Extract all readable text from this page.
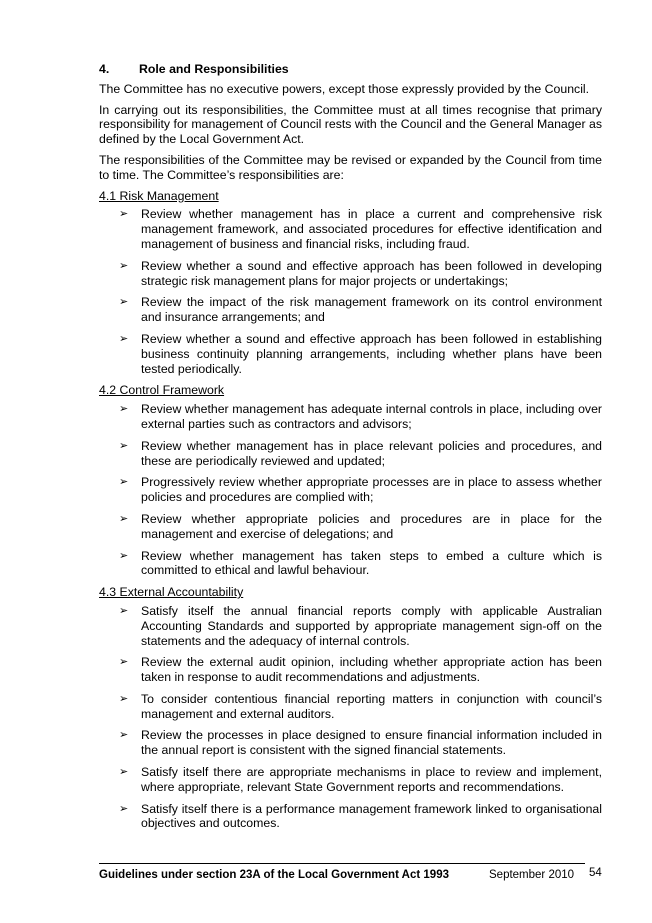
4. Role and Responsibilities

The Committee has no executive powers, except those expressly provided by the Council.

In carrying out its responsibilities, the Committee must at all times recognise that primary responsibility for management of Council rests with the Council and the General Manager as defined by the Local Government Act.

The responsibilities of the Committee may be revised or expanded by the Council from time to time. The Committee’s responsibilities are:

4.1 Risk Management
➢ Review whether management has in place a current and comprehensive risk management framework, and associated procedures for effective identification and management of business and financial risks, including fraud.
➢ Review whether a sound and effective approach has been followed in developing strategic risk management plans for major projects or undertakings;
➢ Review the impact of the risk management framework on its control environment and insurance arrangements; and
➢ Review whether a sound and effective approach has been followed in establishing business continuity planning arrangements, including whether plans have been tested periodically.
4.2 Control Framework
➢ Review whether management has adequate internal controls in place, including over external parties such as contractors and advisors;
➢ Review whether management has in place relevant policies and procedures, and these are periodically reviewed and updated;
➢ Progressively review whether appropriate processes are in place to assess whether policies and procedures are complied with;
➢ Review whether appropriate policies and procedures are in place for the management and exercise of delegations; and
➢ Review whether management has taken steps to embed a culture which is committed to ethical and lawful behaviour.
4.3 External Accountability
➢ Satisfy itself the annual financial reports comply with applicable Australian Accounting Standards and supported by appropriate management sign-off on the statements and the adequacy of internal controls.
➢ Review the external audit opinion, including whether appropriate action has been taken in response to audit recommendations and adjustments.
➢ To consider contentious financial reporting matters in conjunction with council’s management and external auditors.
➢ Review the processes in place designed to ensure financial information included in the annual report is consistent with the signed financial statements.
➢ Satisfy itself there are appropriate mechanisms in place to review and implement, where appropriate, relevant State Government reports and recommendations.
➢ Satisfy itself there is a performance management framework linked to organisational objectives and outcomes.
Guidelines under section 23A of the Local Government Act 1993	September 2010 54
